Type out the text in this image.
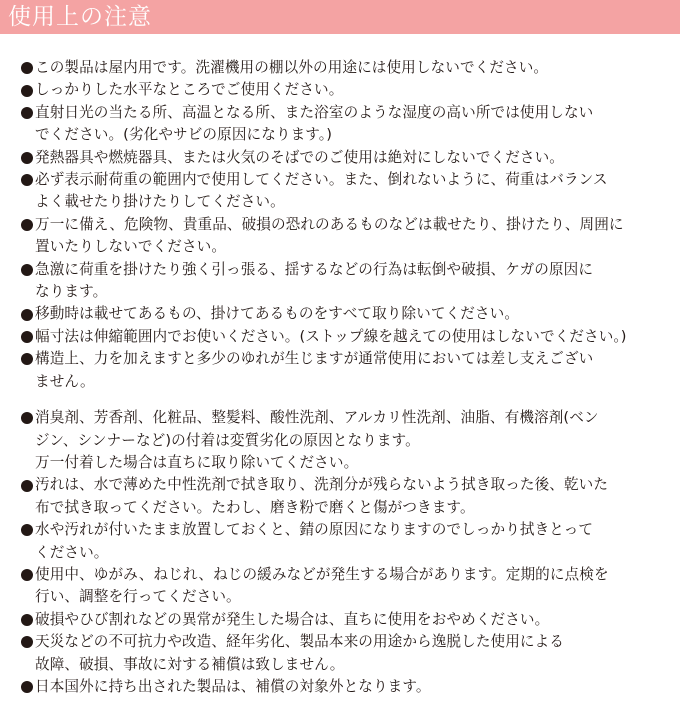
使用上の注意
この製品は屋内用です。洗濯機用の棚以外の用途には使用しないでください。
しっかりした水平なところでご使用ください。
直射日光の当たる所、高温となる所、また浴室のような湿度の高い所では使用しない
でください。(劣化やサビの原因になります。)
発熱器具や燃焼器具、または火気のそばでのご使用は絶対にしないでください。
必ず表示耐荷重の範囲内で使用してください。また、倒れないように、荷重はバランス
よく載せたり掛けたりしてください。
万一に備え、危険物、貴重品、破損の恐れのあるものなどは載せたり、掛けたり、周囲に
置いたりしないでください。
急激に荷重を掛けたり強く引っ張る、揺するなどの行為は転倒や破損、ケガの原因に
なります。
移動時は載せてあるもの、掛けてあるものをすべて取り除いてください。
幅寸法は伸縮範囲内でお使いください。(ストップ線を越えての使用はしないでください。)
構造上、力を加えますと多少のゆれが生じますが通常使用においては差し支えござい
ません。
消臭剤、芳香剤、化粧品、整髪料、酸性洗剤、アルカリ性洗剤、油脂、有機溶剤(ベン
ジン、シンナーなど)の付着は変質劣化の原因となります。
万一付着した場合は直ちに取り除いてください。
汚れは、水で薄めた中性洗剤で拭き取り、洗剤分が残らないよう拭き取った後、乾いた
布で拭き取ってください。たわし、磨き粉で磨くと傷がつきます。
水や汚れが付いたまま放置しておくと、錆の原因になりますのでしっかり拭きとって
ください。
使用中、ゆがみ、ねじれ、ねじの緩みなどが発生する場合があります。定期的に点検を
行い、調整を行ってください。
破損やひび割れなどの異常が発生した場合は、直ちに使用をおやめください。
天災などの不可抗力や改造、経年劣化、製品本来の用途から逸脱した使用による
故障、破損、事故に対する補償は致しません。
日本国外に持ち出された製品は、補償の対象外となります。
